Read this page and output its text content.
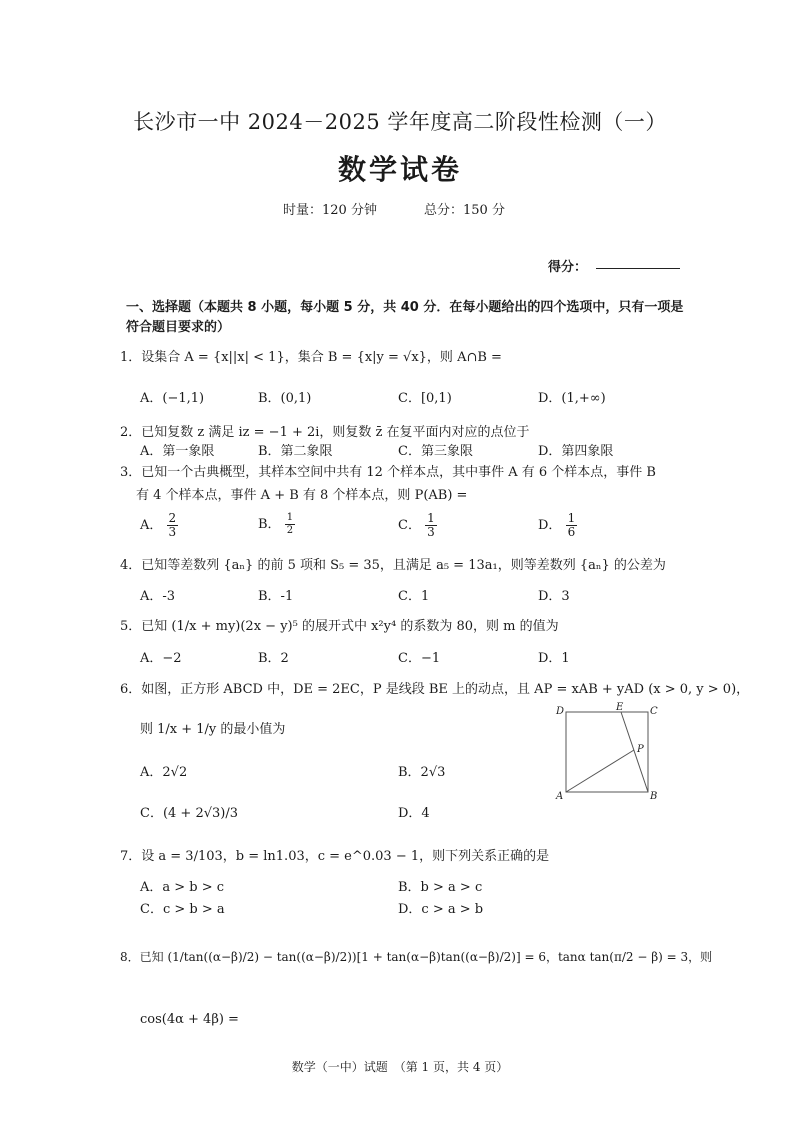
长沙市一中 2024－2025 学年度高二阶段性检测（一）
数学试卷
时量：120 分钟	总分：150 分
得分：
一、选择题（本题共 8 小题，每小题 5 分，共 40 分．在每小题给出的四个选项中，只有一项是符合题目要求的）
1．设集合 A = {x||x| < 1}，集合 B = {x|y = √x}，则 A∩B =
A．(−1,1)	B．(0,1)	C．[0,1)	D．(1,+∞)
2．已知复数 z 满足 iz = −1 + 2i，则复数 z̄ 在复平面内对应的点位于
A．第一象限	B．第二象限	C．第三象限	D．第四象限
3．已知一个古典概型，其样本空间中共有 12 个样本点，其中事件 A 有 6 个样本点，事件 B
有 4 个样本点，事件 A + B 有 8 个样本点，则 P(AB) =
A． $\frac{2}{3}$	B． $\frac{1}{2}$	C． $\frac{1}{3}$	D． $\frac{1}{6}$
4．已知等差数列 {aₙ} 的前 5 项和 S₅ = 35，且满足 a₅ = 13a₁，则等差数列 {aₙ} 的公差为
A．-3	B．-1	C．1	D．3
5．已知 (1/x + my)(2x − y)⁵ 的展开式中 x²y⁴ 的系数为 80，则 m 的值为
A．−2	B．2	C．−1	D．1
6．如图，正方形 ABCD 中，DE = 2EC，P 是线段 BE 上的动点，且 AP = xAB + yAD (x > 0, y > 0)，
则 1/x + 1/y 的最小值为
A．2√2	B．2√3
C．(4 + 2√3)/3	D．4
D	E	C
P
A	B
7．设 a = 3/103，b = ln1.03，c = e^0.03 − 1，则下列关系正确的是
A．a > b > c	B．b > a > c
C．c > b > a	D．c > a > b
8．已知 (1/tan((α−β)/2) − tan((α−β)/2))[1 + tan(α−β)tan((α−β)/2)] = 6，tanα tan(π/2 − β) = 3，则
cos(4α + 4β) =
数学（一中）试题　（第 1 页，共 4 页）
